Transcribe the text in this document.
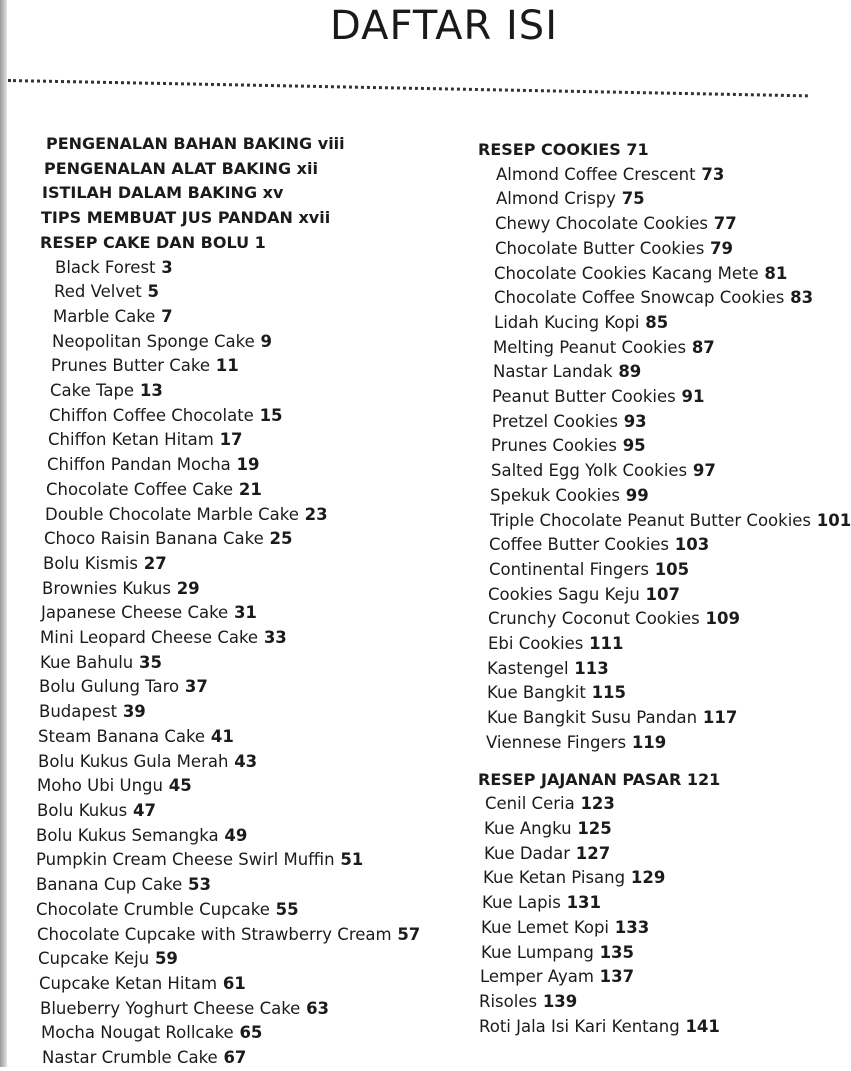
DAFTAR ISI
PENGENALAN BAHAN BAKING viii
PENGENALAN ALAT BAKING xii
ISTILAH DALAM BAKING xv
TIPS MEMBUAT JUS PANDAN xvii
RESEP CAKE DAN BOLU 1
Black Forest 3
Red Velvet 5
Marble Cake 7
Neopolitan Sponge Cake 9
Prunes Butter Cake 11
Cake Tape 13
Chiffon Coffee Chocolate 15
Chiffon Ketan Hitam 17
Chiffon Pandan Mocha 19
Chocolate Coffee Cake 21
Double Chocolate Marble Cake 23
Choco Raisin Banana Cake 25
Bolu Kismis 27
Brownies Kukus 29
Japanese Cheese Cake 31
Mini Leopard Cheese Cake 33
Kue Bahulu 35
Bolu Gulung Taro 37
Budapest 39
Steam Banana Cake 41
Bolu Kukus Gula Merah 43
Moho Ubi Ungu 45
Bolu Kukus 47
Bolu Kukus Semangka 49
Pumpkin Cream Cheese Swirl Muffin 51
Banana Cup Cake 53
Chocolate Crumble Cupcake 55
Chocolate Cupcake with Strawberry Cream 57
Cupcake Keju 59
Cupcake Ketan Hitam 61
Blueberry Yoghurt Cheese Cake 63
Mocha Nougat Rollcake 65
Nastar Crumble Cake 67
RESEP COOKIES 71
Almond Coffee Crescent 73
Almond Crispy 75
Chewy Chocolate Cookies 77
Chocolate Butter Cookies 79
Chocolate Cookies Kacang Mete 81
Chocolate Coffee Snowcap Cookies 83
Lidah Kucing Kopi 85
Melting Peanut Cookies 87
Nastar Landak 89
Peanut Butter Cookies 91
Pretzel Cookies 93
Prunes Cookies 95
Salted Egg Yolk Cookies 97
Spekuk Cookies 99
Triple Chocolate Peanut Butter Cookies 101
Coffee Butter Cookies 103
Continental Fingers 105
Cookies Sagu Keju 107
Crunchy Coconut Cookies 109
Ebi Cookies 111
Kastengel 113
Kue Bangkit 115
Kue Bangkit Susu Pandan 117
Viennese Fingers 119
RESEP JAJANAN PASAR 121
Cenil Ceria 123
Kue Angku 125
Kue Dadar 127
Kue Ketan Pisang 129
Kue Lapis 131
Kue Lemet Kopi 133
Kue Lumpang 135
Lemper Ayam 137
Risoles 139
Roti Jala Isi Kari Kentang 141
